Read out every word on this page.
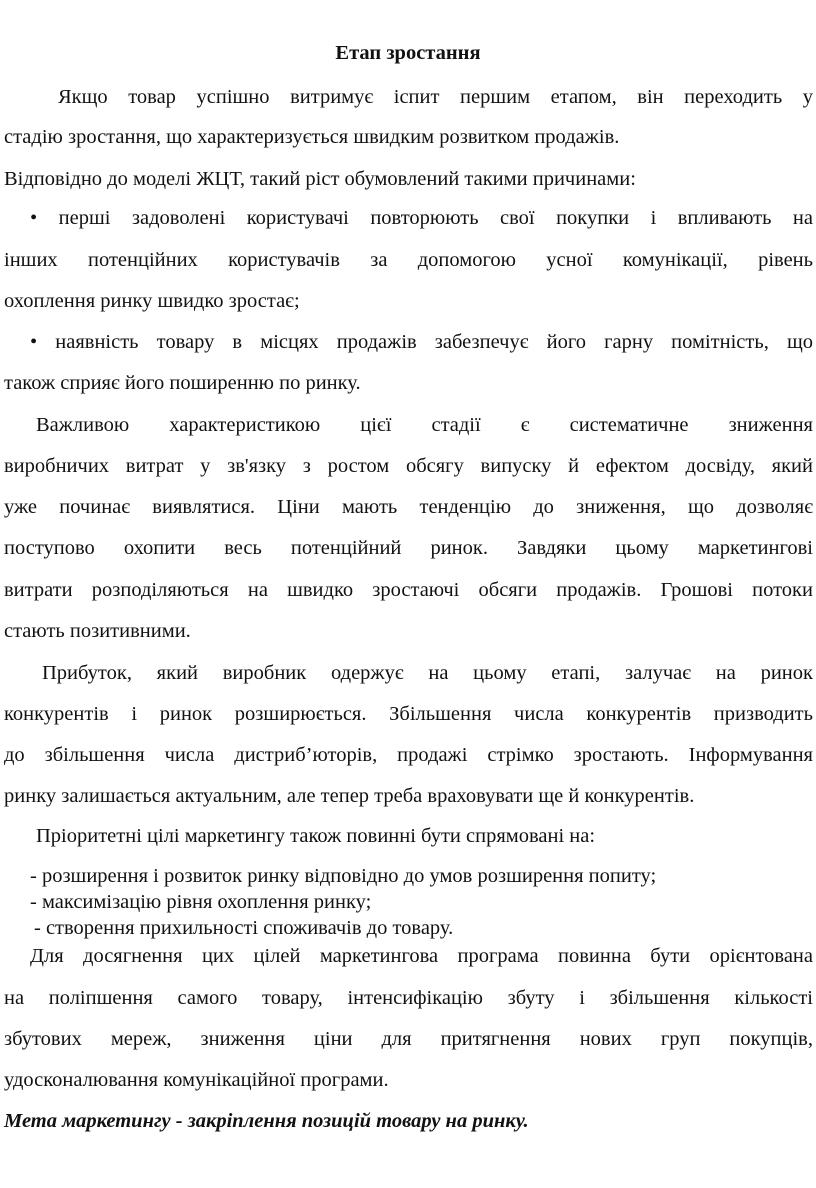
Етап зростання
Якщо товар успішно витримує іспит першим етапом, він переходить у
стадію зростання, що характеризується швидким розвитком продажів.
Відповідно до моделі ЖЦТ, такий ріст обумовлений такими причинами:
• перші задоволені користувачі повторюють свої покупки і впливають на
інших потенційних користувачів за допомогою усної комунікації, рівень
охоплення ринку швидко зростає;
• наявність товару в місцях продажів забезпечує його гарну помітність, що
також сприяє його поширенню по ринку.
Важливою характеристикою цієї стадії є систематичне зниження
виробничих витрат у зв'язку з ростом обсягу випуску й ефектом досвіду, який
уже починає виявлятися. Ціни мають тенденцію до зниження, що дозволяє
поступово охопити весь потенційний ринок. Завдяки цьому маркетингові
витрати розподіляються на швидко зростаючі обсяги продажів. Грошові потоки
стають позитивними.
Прибуток, який виробник одержує на цьому етапі, залучає на ринок
конкурентів і ринок розширюється. Збільшення числа конкурентів призводить
до збільшення числа дистриб’юторів, продажі стрімко зростають. Інформування
ринку залишається актуальним, але тепер треба враховувати ще й конкурентів.
Пріоритетні цілі маркетингу також повинні бути спрямовані на:
- розширення і розвиток ринку відповідно до умов розширення попиту;
- максимізацію рівня охоплення ринку;
- створення прихильності споживачів до товару.
Для досягнення цих цілей маркетингова програма повинна бути орієнтована
на поліпшення самого товару, інтенсифікацію збуту і збільшення кількості
збутових мереж, зниження ціни для притягнення нових груп покупців,
удосконалювання комунікаційної програми.
Мета маркетингу - закріплення позицій товару на ринку.
